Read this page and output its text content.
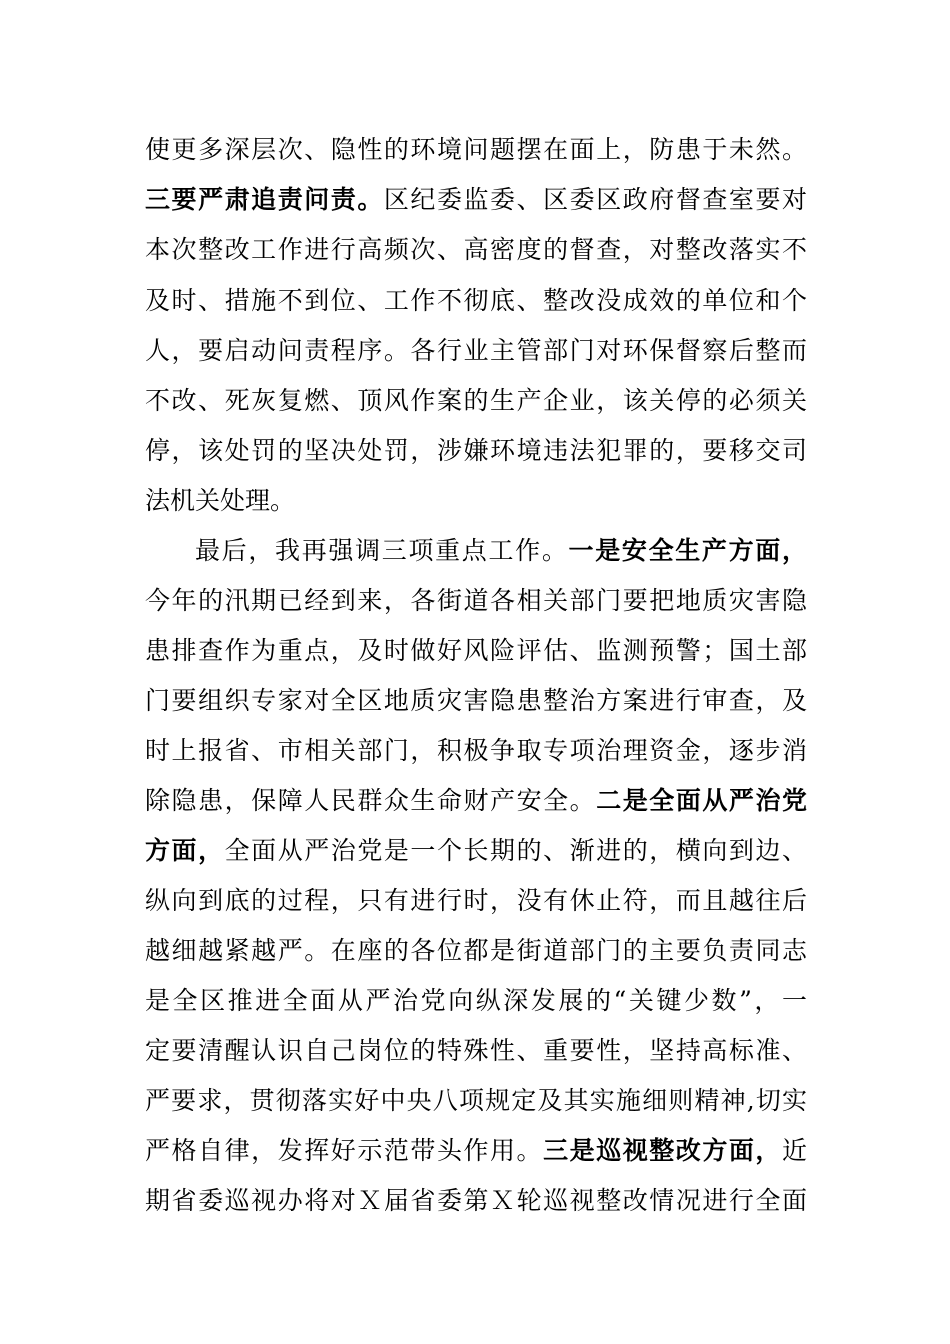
使更多深层次、隐性的环境问题摆在面上，防患于未然。
三要严肃追责问责。区纪委监委、区委区政府督查室要对
本次整改工作进行高频次、高密度的督查，对整改落实不
及时、措施不到位、工作不彻底、整改没成效的单位和个
人，要启动问责程序。各行业主管部门对环保督察后整而
不改、死灰复燃、顶风作案的生产企业，该关停的必须关
停，该处罚的坚决处罚，涉嫌环境违法犯罪的，要移交司
法机关处理。
最后，我再强调三项重点工作。一是安全生产方面，
今年的汛期已经到来，各街道各相关部门要把地质灾害隐
患排查作为重点，及时做好风险评估、监测预警；国土部
门要组织专家对全区地质灾害隐患整治方案进行审查，及
时上报省、市相关部门，积极争取专项治理资金，逐步消
除隐患，保障人民群众生命财产安全。二是全面从严治党
方面，全面从严治党是一个长期的、渐进的，横向到边、
纵向到底的过程，只有进行时，没有休止符，而且越往后
越细越紧越严。在座的各位都是街道部门的主要负责同志
是全区推进全面从严治党向纵深发展的“关键少数”，一
定要清醒认识自己岗位的特殊性、重要性，坚持高标准、
严要求，贯彻落实好中央八项规定及其实施细则精神,切实
严格自律，发挥好示范带头作用。三是巡视整改方面，近
期省委巡视办将对Ｘ届省委第Ｘ轮巡视整改情况进行全面
